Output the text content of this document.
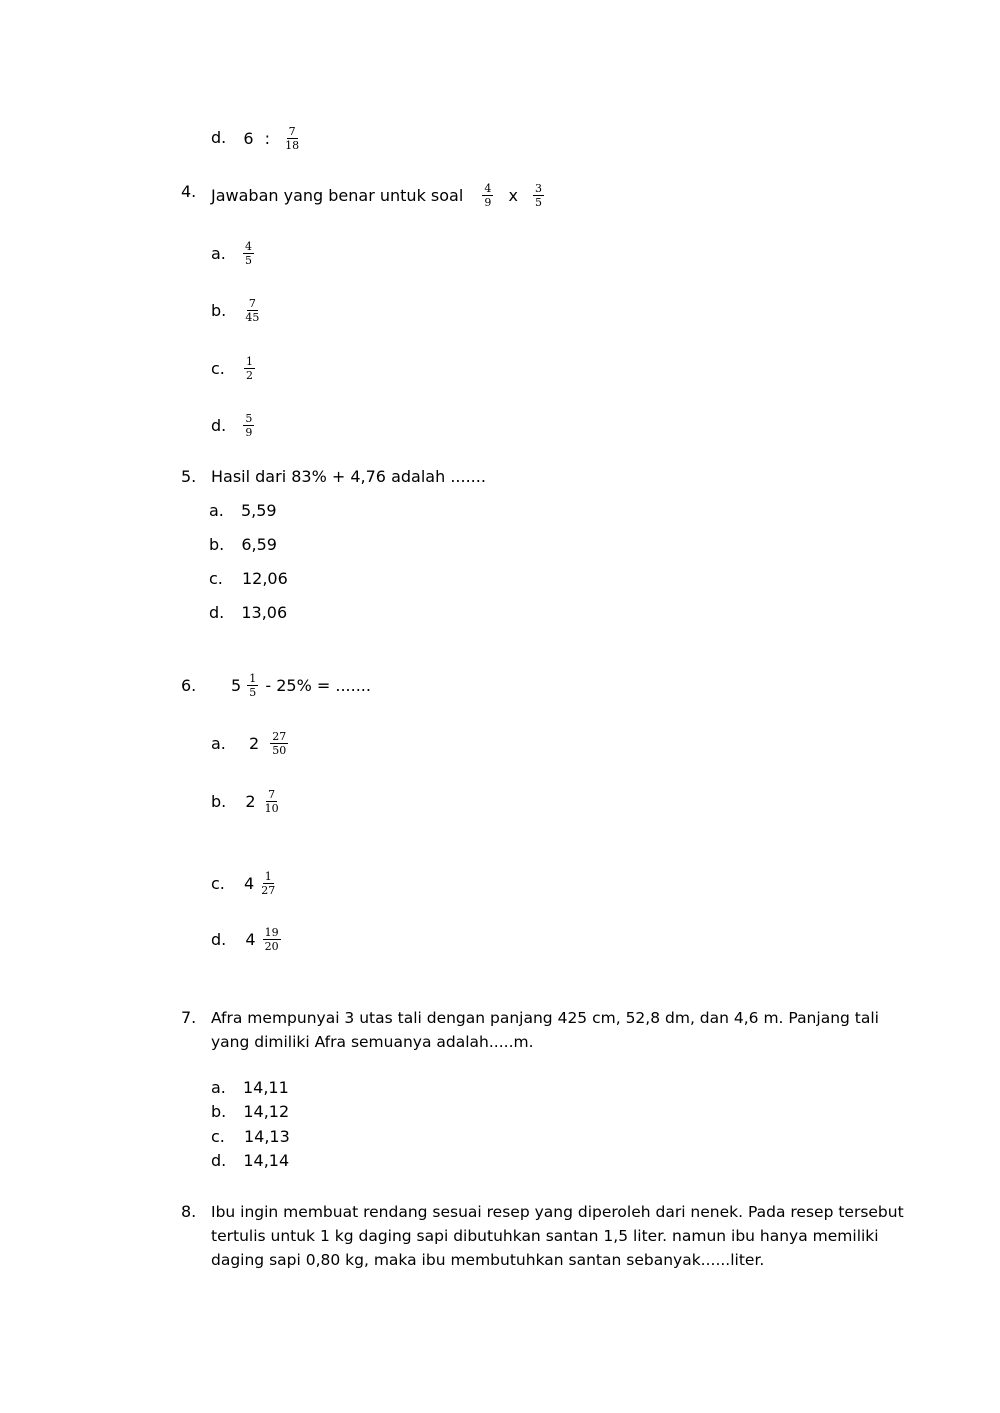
d. 6 : $\frac{7}{18}$
4. Jawaban yang benar untuk soal $\frac{4}{9}$ x $\frac{3}{5}$
a. $\frac{4}{5}$
b. $\frac{7}{45}$
c. $\frac{1}{2}$
d. $\frac{5}{9}$
5. Hasil dari 83% + 4,76 adalah .......
a. 5,59
b. 6,59
c. 12,06
d. 13,06
6. $5 \frac{1}{5} - 25\%$ = .......
a. $2 \frac{27}{50}$
b. $2 \frac{7}{10}$
c. $4 \frac{1}{27}$
d. $4 \frac{19}{20}$
7. Afra mempunyai 3 utas tali dengan panjang 425 cm, 52,8 dm, dan 4,6 m. Panjang tali
yang dimiliki Afra semuanya adalah.....m.
a. 14,11
b. 14,12
c. 14,13
d. 14,14
8. Ibu ingin membuat rendang sesuai resep yang diperoleh dari nenek. Pada resep tersebut
tertulis untuk 1 kg daging sapi dibutuhkan santan 1,5 liter. namun ibu hanya memiliki
daging sapi 0,80 kg, maka ibu membutuhkan santan sebanyak......liter.
